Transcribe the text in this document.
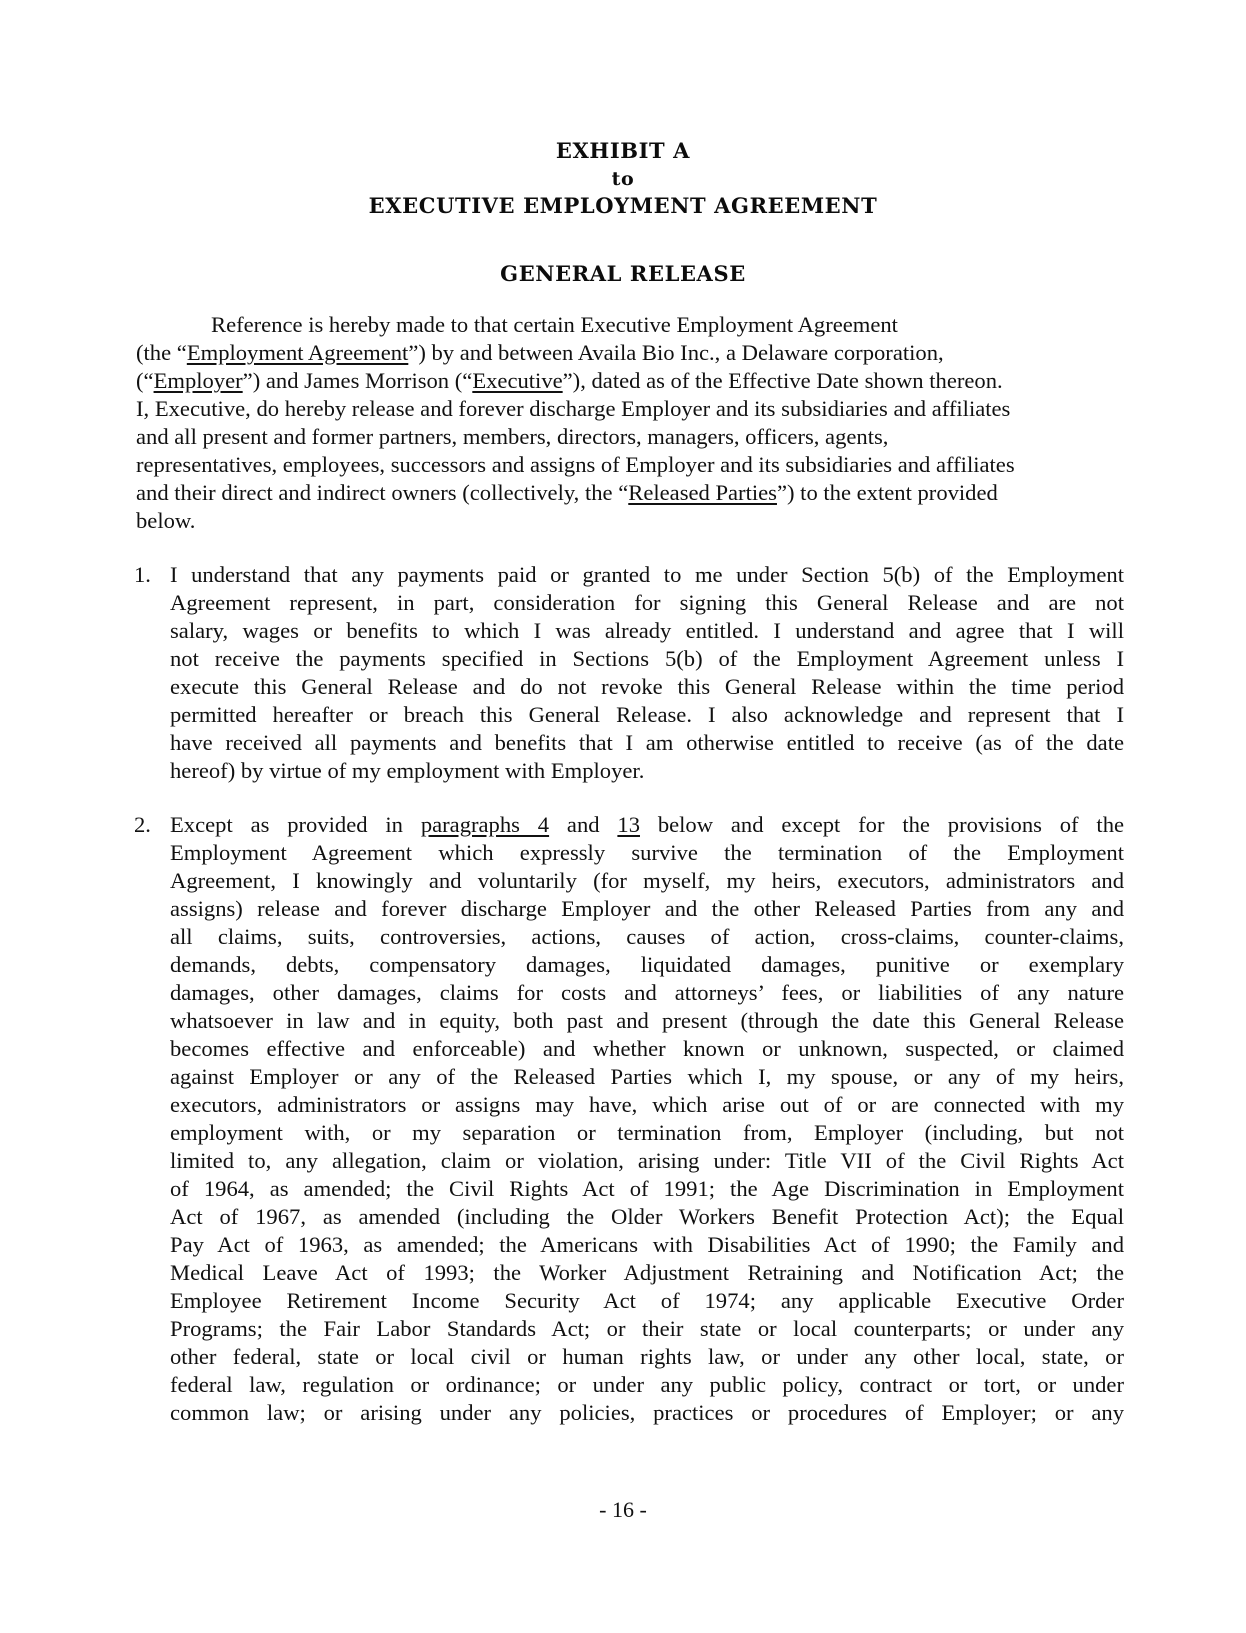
EXHIBIT A
to
EXECUTIVE EMPLOYMENT AGREEMENT
GENERAL RELEASE
Reference is hereby made to that certain Executive Employment Agreement
(the “Employment Agreement”) by and between Availa Bio Inc., a Delaware corporation,
(“Employer”) and James Morrison (“Executive”), dated as of the Effective Date shown thereon.
I, Executive, do hereby release and forever discharge Employer and its subsidiaries and affiliates
and all present and former partners, members, directors, managers, officers, agents,
representatives, employees, successors and assigns of Employer and its subsidiaries and affiliates
and their direct and indirect owners (collectively, the “Released Parties”) to the extent provided
below.
1. I understand that any payments paid or granted to me under Section 5(b) of the Employment
Agreement represent, in part, consideration for signing this General Release and are not
salary, wages or benefits to which I was already entitled. I understand and agree that I will
not receive the payments specified in Sections 5(b) of the Employment Agreement unless I
execute this General Release and do not revoke this General Release within the time period
permitted hereafter or breach this General Release. I also acknowledge and represent that I
have received all payments and benefits that I am otherwise entitled to receive (as of the date
hereof) by virtue of my employment with Employer.
2. Except as provided in paragraphs 4 and 13 below and except for the provisions of the
Employment Agreement which expressly survive the termination of the Employment
Agreement, I knowingly and voluntarily (for myself, my heirs, executors, administrators and
assigns) release and forever discharge Employer and the other Released Parties from any and
all claims, suits, controversies, actions, causes of action, cross-claims, counter-claims,
demands, debts, compensatory damages, liquidated damages, punitive or exemplary
damages, other damages, claims for costs and attorneys’ fees, or liabilities of any nature
whatsoever in law and in equity, both past and present (through the date this General Release
becomes effective and enforceable) and whether known or unknown, suspected, or claimed
against Employer or any of the Released Parties which I, my spouse, or any of my heirs,
executors, administrators or assigns may have, which arise out of or are connected with my
employment with, or my separation or termination from, Employer (including, but not
limited to, any allegation, claim or violation, arising under: Title VII of the Civil Rights Act
of 1964, as amended; the Civil Rights Act of 1991; the Age Discrimination in Employment
Act of 1967, as amended (including the Older Workers Benefit Protection Act); the Equal
Pay Act of 1963, as amended; the Americans with Disabilities Act of 1990; the Family and
Medical Leave Act of 1993; the Worker Adjustment Retraining and Notification Act; the
Employee Retirement Income Security Act of 1974; any applicable Executive Order
Programs; the Fair Labor Standards Act; or their state or local counterparts; or under any
other federal, state or local civil or human rights law, or under any other local, state, or
federal law, regulation or ordinance; or under any public policy, contract or tort, or under
common law; or arising under any policies, practices or procedures of Employer; or any
- 16 -
